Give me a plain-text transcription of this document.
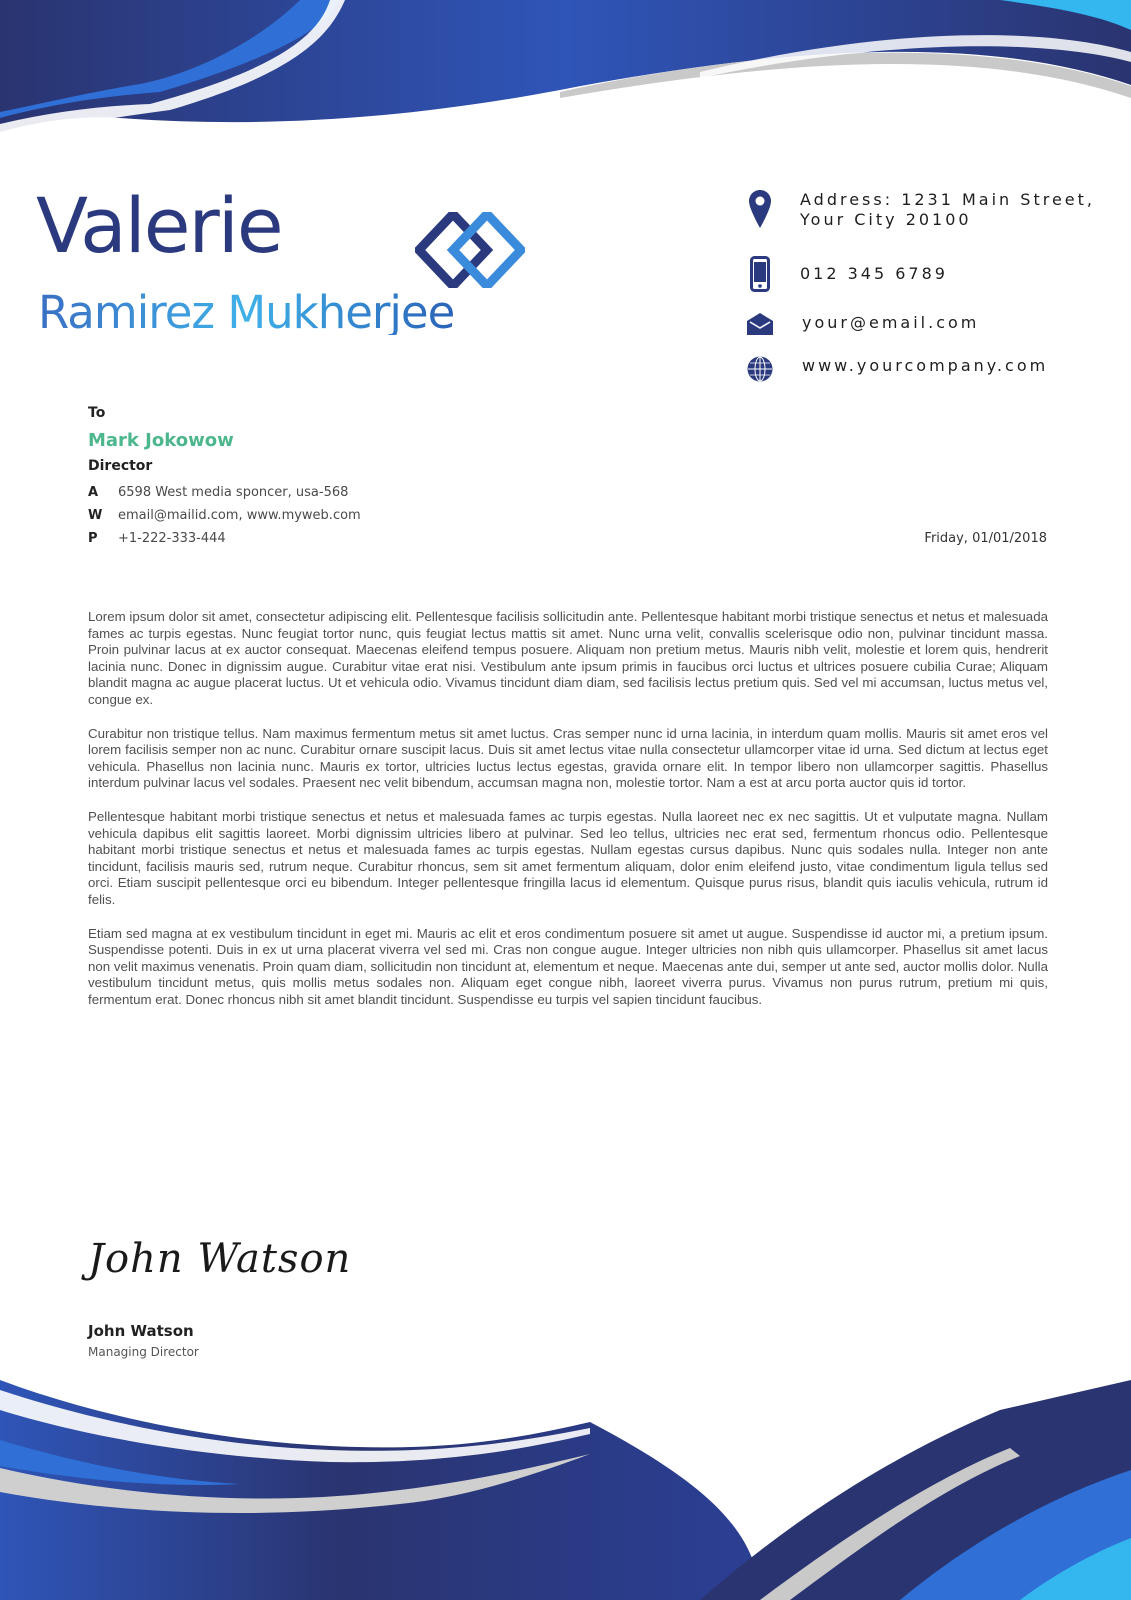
Valerie
Ramirez Mukherjee
Address: 1231 Main Street,
Your City 20100
012 345 6789
your@email.com
www.yourcompany.com
To
Mark Jokowow
Director
A 6598 West media sponcer, usa-568
W email@mailid.com, www.myweb.com
P +1-222-333-444	Friday, 01/01/2018

Lorem ipsum dolor sit amet, consectetur adipiscing elit. Pellentesque facilisis sollicitudin ante. Pellentesque habitant morbi tristique senectus et netus et malesuada fames ac turpis egestas. Nunc feugiat tortor nunc, quis feugiat lectus mattis sit amet. Nunc urna velit, convallis scelerisque odio non, pulvinar tincidunt massa. Proin pulvinar lacus at ex auctor consequat. Maecenas eleifend tempus posuere. Aliquam non pretium metus. Mauris nibh velit, molestie et lorem quis, hendrerit lacinia nunc. Donec in dignissim augue. Curabitur vitae erat nisi. Vestibulum ante ipsum primis in faucibus orci luctus et ultrices posuere cubilia Curae; Aliquam blandit magna ac augue placerat luctus. Ut et vehicula odio. Vivamus tincidunt diam diam, sed facilisis lectus pretium quis. Sed vel mi accumsan, luctus metus vel, congue ex.

Curabitur non tristique tellus. Nam maximus fermentum metus sit amet luctus. Cras semper nunc id urna lacinia, in interdum quam mollis. Mauris sit amet eros vel lorem facilisis semper non ac nunc. Curabitur ornare suscipit lacus. Duis sit amet lectus vitae nulla consectetur ullamcorper vitae id urna. Sed dictum at lectus eget vehicula. Phasellus non lacinia nunc. Mauris ex tortor, ultricies luctus lectus egestas, gravida ornare elit. In tempor libero non ullamcorper sagittis. Phasellus interdum pulvinar lacus vel sodales. Praesent nec velit bibendum, accumsan magna non, molestie tortor. Nam a est at arcu porta auctor quis id tortor.

Pellentesque habitant morbi tristique senectus et netus et malesuada fames ac turpis egestas. Nulla laoreet nec ex nec sagittis. Ut et vulputate magna. Nullam vehicula dapibus elit sagittis laoreet. Morbi dignissim ultricies libero at pulvinar. Sed leo tellus, ultricies nec erat sed, fermentum rhoncus odio. Pellentesque habitant morbi tristique senectus et netus et malesuada fames ac turpis egestas. Nullam egestas cursus dapibus. Nunc quis sodales nulla. Integer non ante tincidunt, facilisis mauris sed, rutrum neque. Curabitur rhoncus, sem sit amet fermentum aliquam, dolor enim eleifend justo, vitae condimentum ligula tellus sed orci. Etiam suscipit pellentesque orci eu bibendum. Integer pellentesque fringilla lacus id elementum. Quisque purus risus, blandit quis iaculis vehicula, rutrum id felis.

Etiam sed magna at ex vestibulum tincidunt in eget mi. Mauris ac elit et eros condimentum posuere sit amet ut augue. Suspendisse id auctor mi, a pretium ipsum. Suspendisse potenti. Duis in ex ut urna placerat viverra vel sed mi. Cras non congue augue. Integer ultricies non nibh quis ullamcorper. Phasellus sit amet lacus non velit maximus venenatis. Proin quam diam, sollicitudin non tincidunt at, elementum et neque. Maecenas ante dui, semper ut ante sed, auctor mollis dolor. Nulla vestibulum tincidunt metus, quis mollis metus sodales non. Aliquam eget congue nibh, laoreet viverra purus. Vivamus non purus rutrum, pretium mi quis, fermentum erat. Donec rhoncus nibh sit amet blandit tincidunt. Suspendisse eu turpis vel sapien tincidunt faucibus.

John Watson
John Watson
Managing Director
